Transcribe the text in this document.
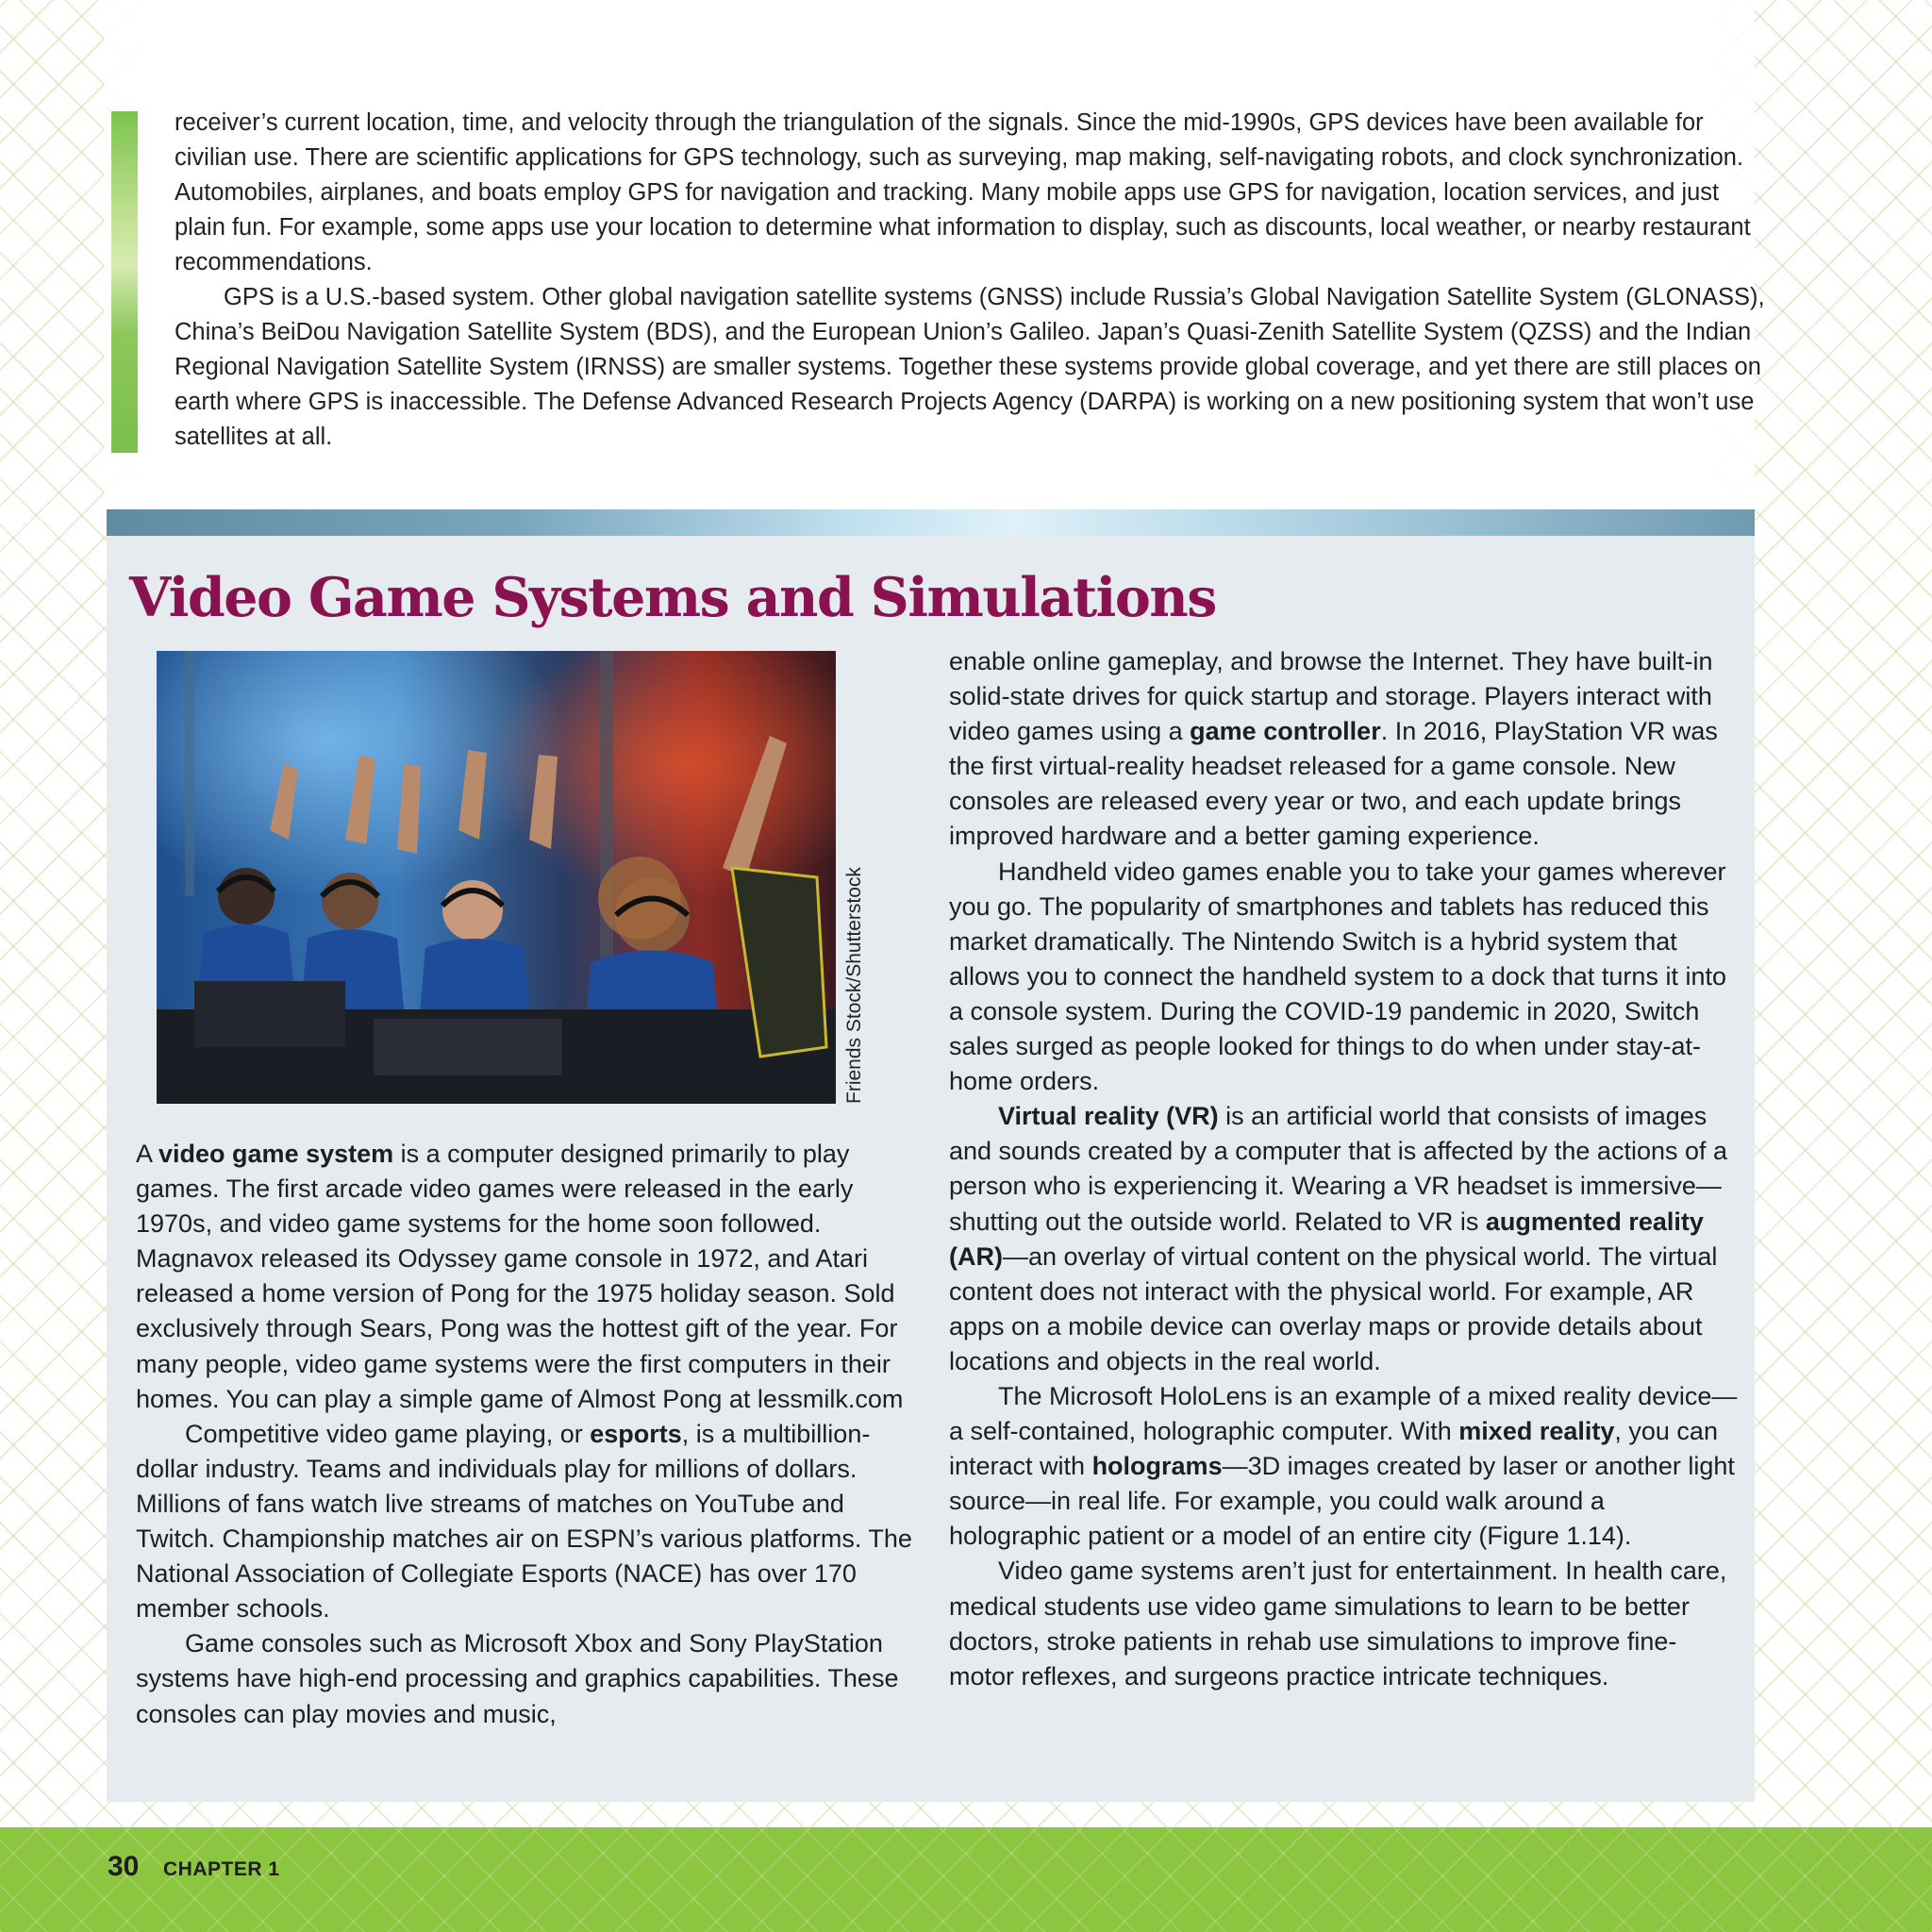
receiver’s current location, time, and velocity through the triangulation of the signals. Since the mid-1990s, GPS devices have been available for civilian use. There are scientific applications for GPS technology, such as surveying, map making, self-navigating robots, and clock synchronization. Automobiles, airplanes, and boats employ GPS for navigation and tracking. Many mobile apps use GPS for navigation, location services, and just plain fun. For example, some apps use your location to determine what information to display, such as discounts, local weather, or nearby restaurant recommendations.

GPS is a U.S.-based system. Other global navigation satellite systems (GNSS) include Russia’s Global Navigation Satellite System (GLONASS), China’s BeiDou Navigation Satellite System (BDS), and the European Union’s Galileo. Japan’s Quasi-Zenith Satellite System (QZSS) and the Indian Regional Navigation Satellite System (IRNSS) are smaller systems. Together these systems provide global coverage, and yet there are still places on earth where GPS is inaccessible. The Defense Advanced Research Projects Agency (DARPA) is working on a new positioning system that won’t use satellites at all.

Video Game Systems and Simulations
Friends Stock/Shutterstock

A video game system is a computer designed primarily to play games. The first arcade video games were released in the early 1970s, and video game systems for the home soon followed. Magnavox released its Odyssey game console in 1972, and Atari released a home version of Pong for the 1975 holiday season. Sold exclusively through Sears, Pong was the hottest gift of the year. For many people, video game systems were the first computers in their homes. You can play a simple game of Almost Pong at lessmilk.com

Competitive video game playing, or esports, is a multibillion-dollar industry. Teams and individuals play for millions of dollars. Millions of fans watch live streams of matches on YouTube and Twitch. Championship matches air on ESPN’s various platforms. The National Association of Collegiate Esports (NACE) has over 170 member schools.

Game consoles such as Microsoft Xbox and Sony PlayStation systems have high-end processing and graphics capabilities. These consoles can play movies and music,

enable online gameplay, and browse the Internet. They have built-in solid-state drives for quick startup and storage. Players interact with video games using a game controller. In 2016, PlayStation VR was the first virtual-reality headset released for a game console. New consoles are released every year or two, and each update brings improved hardware and a better gaming experience.

Handheld video games enable you to take your games wherever you go. The popularity of smartphones and tablets has reduced this market dramatically. The Nintendo Switch is a hybrid system that allows you to connect the handheld system to a dock that turns it into a console system. During the COVID-19 pandemic in 2020, Switch sales surged as people looked for things to do when under stay-at-home orders.

Virtual reality (VR) is an artificial world that consists of images and sounds created by a computer that is affected by the actions of a person who is experiencing it. Wearing a VR headset is immersive—shutting out the outside world. Related to VR is augmented reality (AR)—an overlay of virtual content on the physical world. The virtual content does not interact with the physical world. For example, AR apps on a mobile device can overlay maps or provide details about locations and objects in the real world.

The Microsoft HoloLens is an example of a mixed reality device—a self-contained, holographic computer. With mixed reality, you can interact with holograms—3D images created by laser or another light source—in real life. For example, you could walk around a holographic patient or a model of an entire city (Figure 1.14).

Video game systems aren’t just for entertainment. In health care, medical students use video game simulations to learn to be better doctors, stroke patients in rehab use simulations to improve fine-motor reflexes, and surgeons practice intricate techniques.

30 CHAPTER 1
